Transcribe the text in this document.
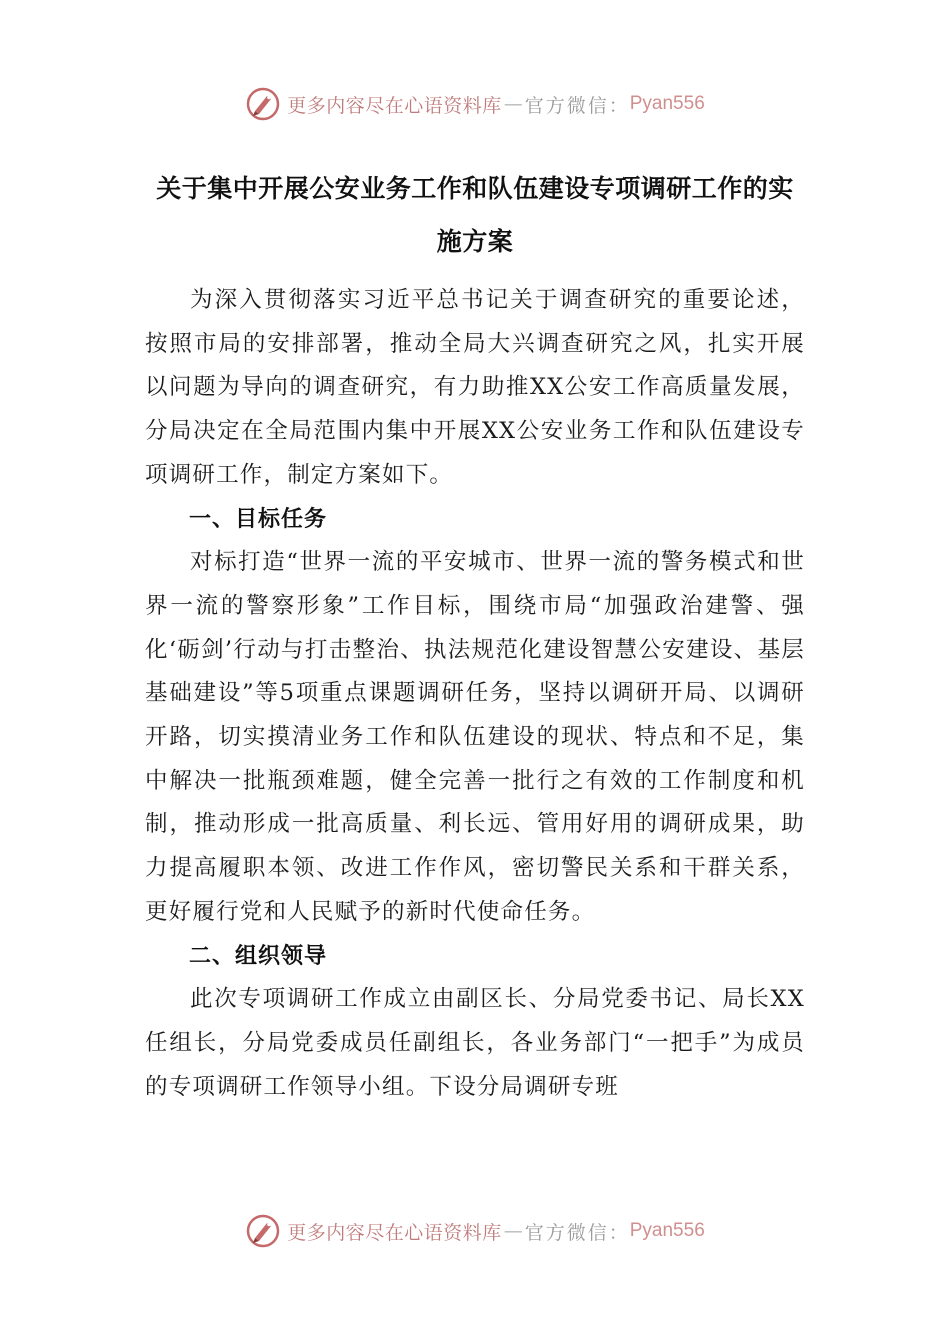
更多内容尽在心语资料库 — 官方微信： Pyan556
关于集中开展公安业务工作和队伍建设专项调研工作的实施方案

为深入贯彻落实习近平总书记关于调查研究的重要论述，按照市局的安排部署，推动全局大兴调查研究之风，扎实开展以问题为导向的调查研究，有力助推XX公安工作高质量发展，分局决定在全局范围内集中开展XX公安业务工作和队伍建设专项调研工作，制定方案如下。

一、目标任务

对标打造“世界一流的平安城市、世界一流的警务模式和世界一流的警察形象”工作目标，围绕市局“加强政治建警、强化‘砺剑’行动与打击整治、执法规范化建设智慧公安建设、基层基础建设”等5项重点课题调研任务，坚持以调研开局、以调研开路，切实摸清业务工作和队伍建设的现状、特点和不足，集中解决一批瓶颈难题，健全完善一批行之有效的工作制度和机制，推动形成一批高质量、利长远、管用好用的调研成果，助力提高履职本领、改进工作作风，密切警民关系和干群关系，更好履行党和人民赋予的新时代使命任务。

二、组织领导

此次专项调研工作成立由副区长、分局党委书记、局长XX任组长，分局党委成员任副组长，各业务部门“一把手”为成员的专项调研工作领导小组。下设分局调研专班

更多内容尽在心语资料库 — 官方微信： Pyan556
